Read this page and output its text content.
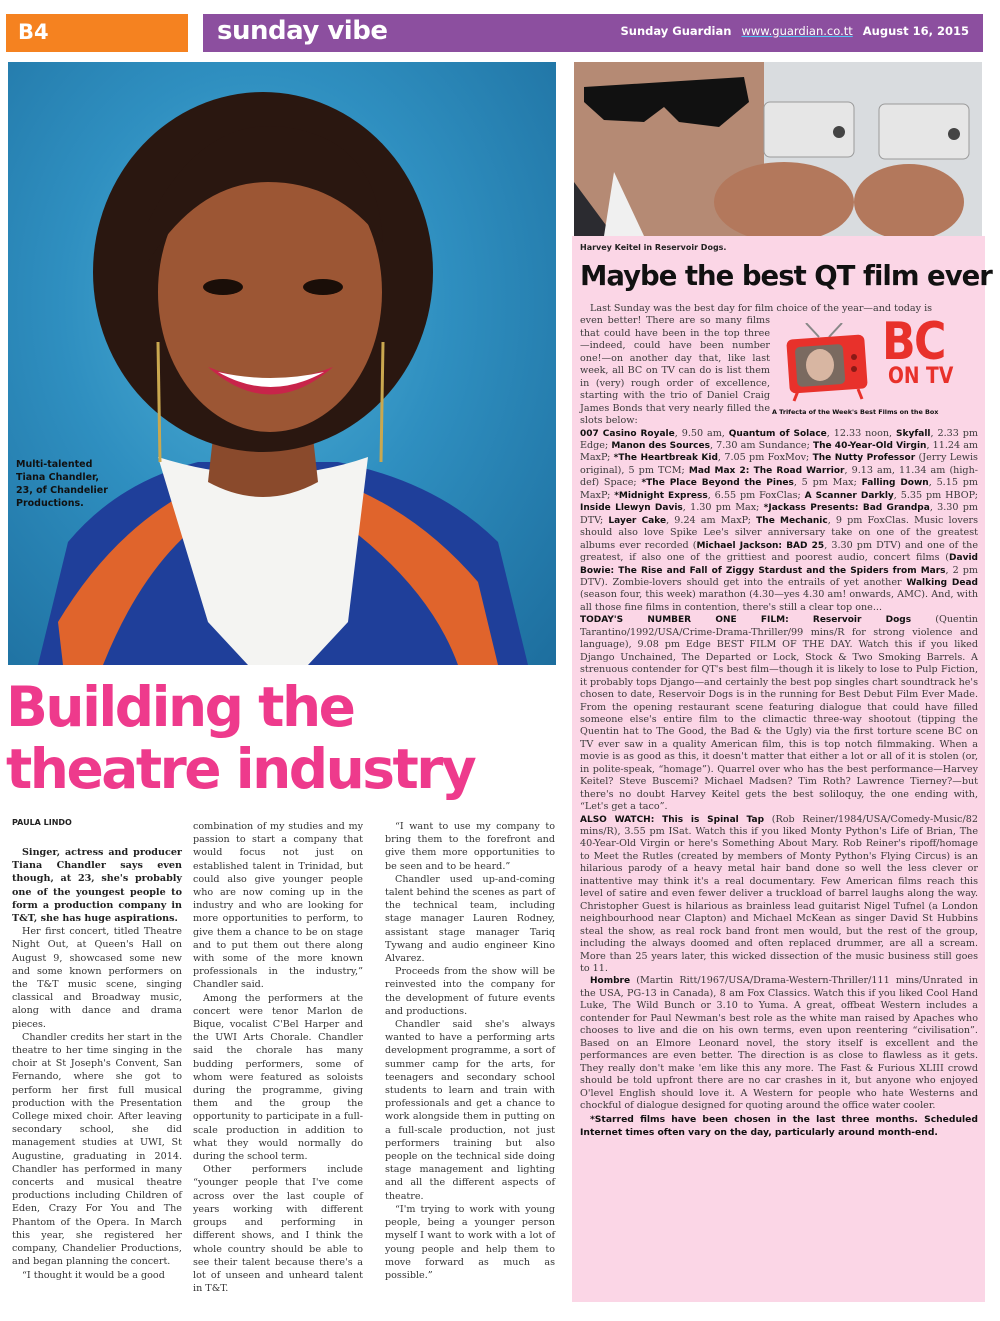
B4	sunday vibe	Sunday Guardian www.guardian.co.tt August 16, 2015
Multi-talented Tiana Chandler, 23, of Chandelier Productions.
Building the
theatre industry
PAULA LINDO

Singer, actress and producer Tiana Chandler says even though, at 23, she's probably one of the youngest people to form a production company in T&T, she has huge aspirations.

Her first concert, titled Theatre Night Out, at Queen's Hall on August 9, showcased some new and some known performers on the T&T music scene, singing classical and Broadway music, along with dance and drama pieces.

Chandler credits her start in the theatre to her time singing in the choir at St Joseph's Convent, San Fernando, where she got to perform her first full musical production with the Presentation College mixed choir. After leaving secondary school, she did management studies at UWI, St Augustine, graduating in 2014. Chandler has performed in many concerts and musical theatre productions including Children of Eden, Crazy For You and The Phantom of the Opera. In March this year, she registered her company, Chandelier Productions, and began planning the concert.

“I thought it would be a good

combination of my studies and my passion to start a company that would focus not just on established talent in Trinidad, but could also give younger people who are now coming up in the industry and who are looking for more opportunities to perform, to give them a chance to be on stage and to put them out there along with some of the more known professionals in the industry,” Chandler said.

Among the performers at the concert were tenor Marlon de Bique, vocalist C'Bel Harper and the UWI Arts Chorale. Chandler said the chorale has many budding performers, some of whom were featured as soloists during the programme, giving them and the group the opportunity to participate in a full-scale production in addition to what they would normally do during the school term.

Other performers include “younger people that I've come across over the last couple of years working with different groups and performing in different shows, and I think the whole country should be able to see their talent because there's a lot of unseen and unheard talent in T&T.

“I want to use my company to bring them to the forefront and give them more opportunities to be seen and to be heard.”

Chandler used up-and-coming talent behind the scenes as part of the technical team, including stage manager Lauren Rodney, assistant stage manager Tariq Tywang and audio engineer Kino Alvarez.

Proceeds from the show will be reinvested into the company for the development of future events and productions.

Chandler said she's always wanted to have a performing arts development programme, a sort of summer camp for the arts, for teenagers and secondary school students to learn and train with professionals and get a chance to work alongside them in putting on a full-scale production, not just performers training but also people on the technical side doing stage management and lighting and all the different aspects of theatre.

“I'm trying to work with young people, being a younger person myself I want to work with a lot of young people and help them to move forward as much as possible.”

Harvey Keitel in Reservoir Dogs.
Maybe the best QT film ever

Last Sunday was the best day for film choice of the year—and today is

even better! There are so many films that could have been in the top three—indeed, could have been number one!—on another day that, like last week, all BC on TV can do is list them in (very) rough order of excellence, starting with the trio of Daniel Craig James Bonds that very nearly filled the slots below:
BC
ON TV
A Trifecta of the Week's Best Films on the Box

007 Casino Royale, 9.50 am, Quantum of Solace, 12.33 noon, Skyfall, 2.33 pm Edge; Manon des Sources, 7.30 am Sundance; The 40-Year-Old Virgin, 11.24 am MaxP; *The Heartbreak Kid, 7.05 pm FoxMov; The Nutty Professor (Jerry Lewis original), 5 pm TCM; Mad Max 2: The Road Warrior, 9.13 am, 11.34 am (high-def) Space; *The Place Beyond the Pines, 5 pm Max; Falling Down, 5.15 pm MaxP; *Midnight Express, 6.55 pm FoxClas; A Scanner Darkly, 5.35 pm HBOP; Inside Llewyn Davis, 1.30 pm Max; *Jackass Presents: Bad Grandpa, 3.30 pm DTV; Layer Cake, 9.24 am MaxP; The Mechanic, 9 pm FoxClas. Music lovers should also love Spike Lee's silver anniversary take on one of the greatest albums ever recorded (Michael Jackson: BAD 25, 3.30 pm DTV) and one of the greatest, if also one of the grittiest and poorest audio, concert films (David Bowie: The Rise and Fall of Ziggy Stardust and the Spiders from Mars, 2 pm DTV). Zombie-lovers should get into the entrails of yet another Walking Dead (season four, this week) marathon (4.30—yes 4.30 am! onwards, AMC). And, with all those fine films in contention, there's still a clear top one...

TODAY'S NUMBER ONE FILM: Reservoir Dogs (Quentin Tarantino/1992/USA/Crime-Drama-Thriller/99 mins/R for strong violence and language), 9.08 pm Edge BEST FILM OF THE DAY. Watch this if you liked Django Unchained, The Departed or Lock, Stock & Two Smoking Barrels. A strenuous contender for QT's best film—though it is likely to lose to Pulp Fiction, it probably tops Django—and certainly the best pop singles chart soundtrack he's chosen to date, Reservoir Dogs is in the running for Best Debut Film Ever Made. From the opening restaurant scene featuring dialogue that could have filled someone else's entire film to the climactic three-way shootout (tipping the Quentin hat to The Good, the Bad & the Ugly) via the first torture scene BC on TV ever saw in a quality American film, this is top notch filmmaking. When a movie is as good as this, it doesn't matter that either a lot or all of it is stolen (or, in polite-speak, “homage”). Quarrel over who has the best performance—Harvey Keitel? Steve Buscemi? Michael Madsen? Tim Roth? Lawrence Tierney?—but there's no doubt Harvey Keitel gets the best soliloquy, the one ending with, “Let's get a taco”.

ALSO WATCH: This is Spinal Tap (Rob Reiner/1984/USA/Comedy-Music/82 mins/R), 3.55 pm ISat. Watch this if you liked Monty Python's Life of Brian, The 40-Year-Old Virgin or here's Something About Mary. Rob Reiner's ripoff/homage to Meet the Rutles (created by members of Monty Python's Flying Circus) is an hilarious parody of a heavy metal hair band done so well the less clever or inattentive may think it's a real documentary. Few American films reach this level of satire and even fewer deliver a truckload of barrel laughs along the way. Christopher Guest is hilarious as brainless lead guitarist Nigel Tufnel (a London neighbourhood near Clapton) and Michael McKean as singer David St Hubbins steal the show, as real rock band front men would, but the rest of the group, including the always doomed and often replaced drummer, are all a scream. More than 25 years later, this wicked dissection of the music business still goes to 11.

Hombre (Martin Ritt/1967/USA/Drama-Western-Thriller/111 mins/Unrated in the USA, PG-13 in Canada), 8 am Fox Classics. Watch this if you liked Cool Hand Luke, The Wild Bunch or 3.10 to Yuma. A great, offbeat Western includes a contender for Paul Newman's best role as the white man raised by Apaches who chooses to live and die on his own terms, even upon reentering “civilisation”. Based on an Elmore Leonard novel, the story itself is excellent and the performances are even better. The direction is as close to flawless as it gets. They really don't make 'em like this any more. The Fast & Furious XLIII crowd should be told upfront there are no car crashes in it, but anyone who enjoyed O'level English should love it. A Western for people who hate Westerns and chockful of dialogue designed for quoting around the office water cooler.

*Starred films have been chosen in the last three months. Scheduled Internet times often vary on the day, particularly around month-end.
